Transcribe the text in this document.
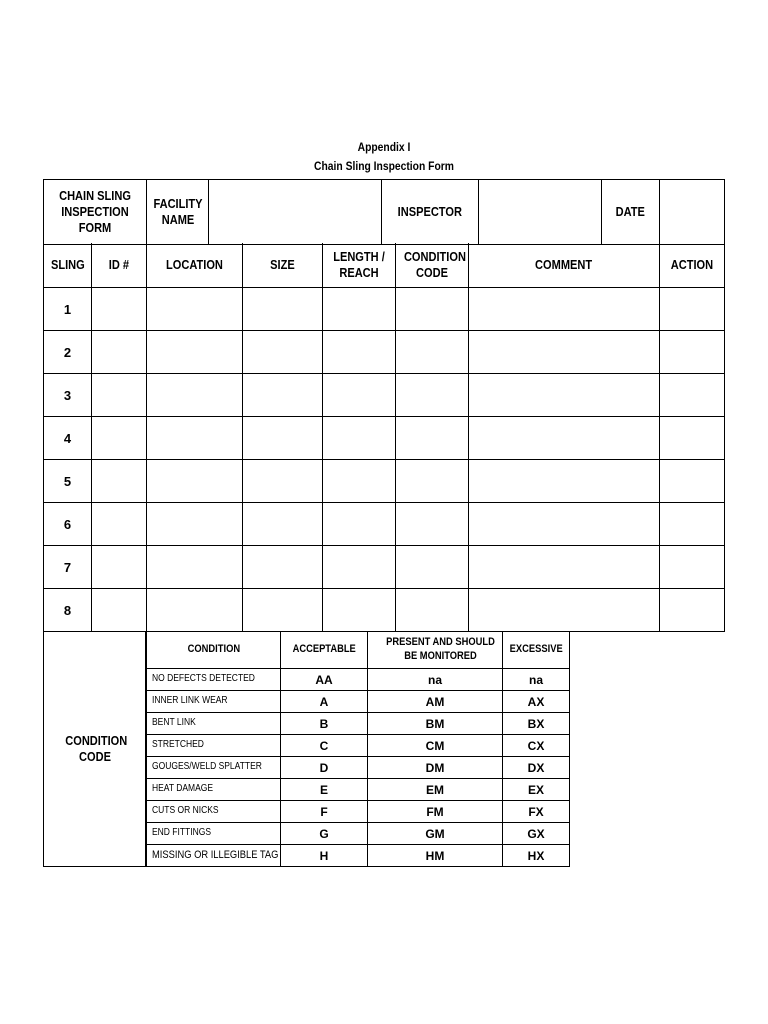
Appendix I
Chain Sling Inspection Form
CHAIN SLING INSPECTION FORM	FACILITY NAME		INSPECTOR		DATE	
SLING	ID #	LOCATION	SIZE	LENGTH / REACH	CONDITION CODE	COMMENT	ACTION
1							
2							
3							
4							
5							
6							
7							
8							
CONDITION CODE
CONDITION	ACCEPTABLE	PRESENT AND SHOULD BE MONITORED	EXCESSIVE
NO DEFECTS DETECTED	AA	na	na
INNER LINK WEAR	A	AM	AX
BENT LINK	B	BM	BX
STRETCHED	C	CM	CX
GOUGES/WELD SPLATTER	D	DM	DX
HEAT DAMAGE	E	EM	EX
CUTS OR NICKS	F	FM	FX
END FITTINGS	G	GM	GX
MISSING OR ILLEGIBLE TAG	H	HM	HX
